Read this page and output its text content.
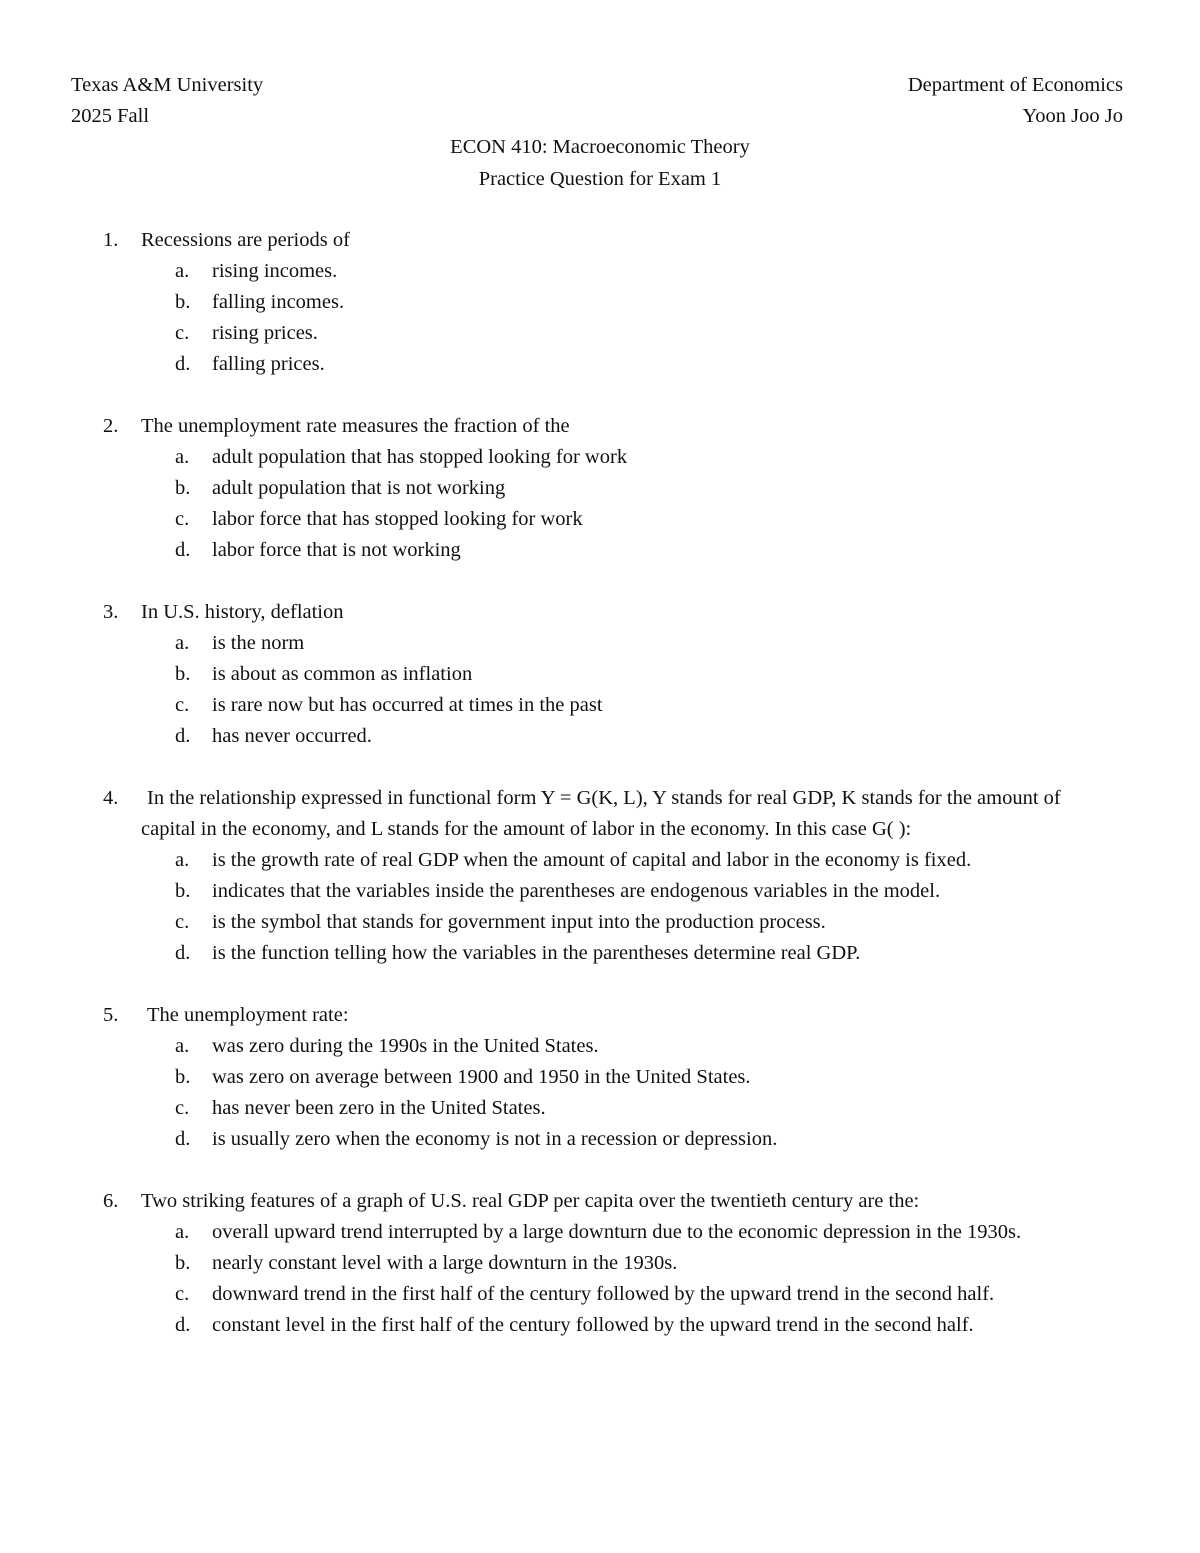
Texas A&M University	Department of Economics
2025 Fall	Yoon Joo Jo
ECON 410: Macroeconomic Theory
Practice Question for Exam 1
1.	Recessions are periods of
a.	rising incomes.
b.	falling incomes.
c.	rising prices.
d.	falling prices.
2.	The unemployment rate measures the fraction of the
a.	adult population that has stopped looking for work
b.	adult population that is not working
c.	labor force that has stopped looking for work
d.	labor force that is not working
3.	In U.S. history, deflation
a.	is the norm
b.	is about as common as inflation
c.	is rare now but has occurred at times in the past
d.	has never occurred.
4.	In the relationship expressed in functional form Y = G(K, L), Y stands for real GDP, K stands for the amount of capital in the economy, and L stands for the amount of labor in the economy. In this case G( ):
a.	is the growth rate of real GDP when the amount of capital and labor in the economy is fixed.
b.	indicates that the variables inside the parentheses are endogenous variables in the model.
c.	is the symbol that stands for government input into the production process.
d.	is the function telling how the variables in the parentheses determine real GDP.
5.	The unemployment rate:
a.	was zero during the 1990s in the United States.
b.	was zero on average between 1900 and 1950 in the United States.
c.	has never been zero in the United States.
d.	is usually zero when the economy is not in a recession or depression.
6.	Two striking features of a graph of U.S. real GDP per capita over the twentieth century are the:
a.	overall upward trend interrupted by a large downturn due to the economic depression in the 1930s.
b.	nearly constant level with a large downturn in the 1930s.
c.	downward trend in the first half of the century followed by the upward trend in the second half.
d.	constant level in the first half of the century followed by the upward trend in the second half.
